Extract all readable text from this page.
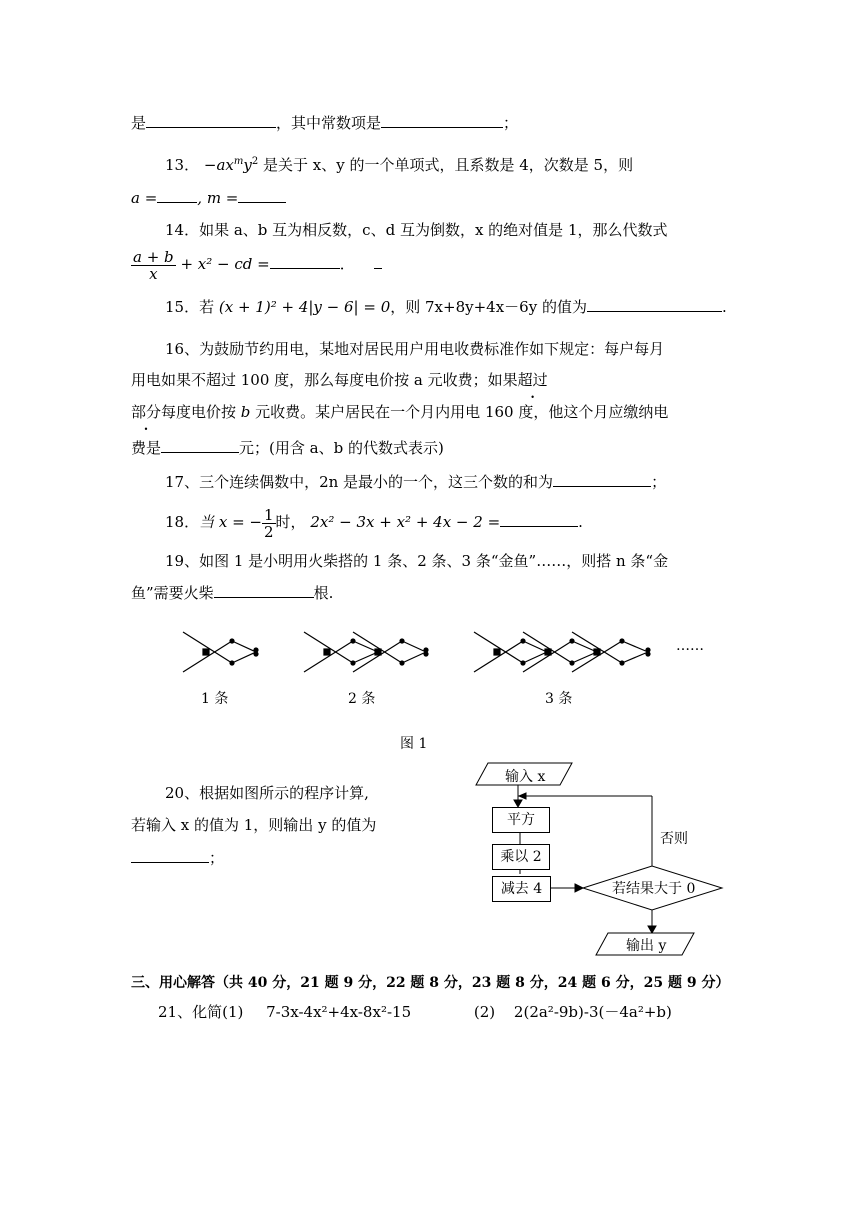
是	，其中常数项是	；
13． $-ax^my^2$ 是关于 x、y 的一个单项式，且系数是 4，次数是 5，则
a =	, m =
14．如果 a、b 互为相反数，c、d 互为倒数，x 的绝对值是 1，那么代数式
$\frac{a + b}{x} + x^2$ − cd =	．
15．若 (x + 1)² + 4|y − 6| = 0，则 7x+8y+4x－6y 的值为	.
16、为鼓励节约用电，某地对居民用户用电收费标准作如下规定：每户每月
用电如果不超过 100 度，那么每度电价按 a 元收费；如果超过
部分每度电价按 b 元收费。某户居民在一个月内用电 160 度，他这个月应缴纳电
费是	元；(用含 a、b 的代数式表示)
17、三个连续偶数中，2n 是最小的一个，这三个数的和为	；
18．当 x = − $\frac{1}{2}$ 时， 2x² − 3x + x² + 4x − 2 =	.
19、如图 1 是小明用火柴搭的 1 条、2 条、3 条“金鱼”……，则搭 n 条“金
鱼”需要火柴	根.
……
1 条	2 条	3 条
图 1
20、根据如图所示的程序计算,
若输入 x 的值为 1，则输出 y 的值为
；
输入 x
平方
乘以 2
减去 4	若结果大于 0
否则
输出 y
三、用心解答（共 40 分，21 题 9 分，22 题 8 分，23 题 8 分，24 题 6 分，25 题 9 分）
21、化简(1) 7-3x-4x²+4x-8x²-15	(2) 2(2a²-9b)-3(－4a²+b)
